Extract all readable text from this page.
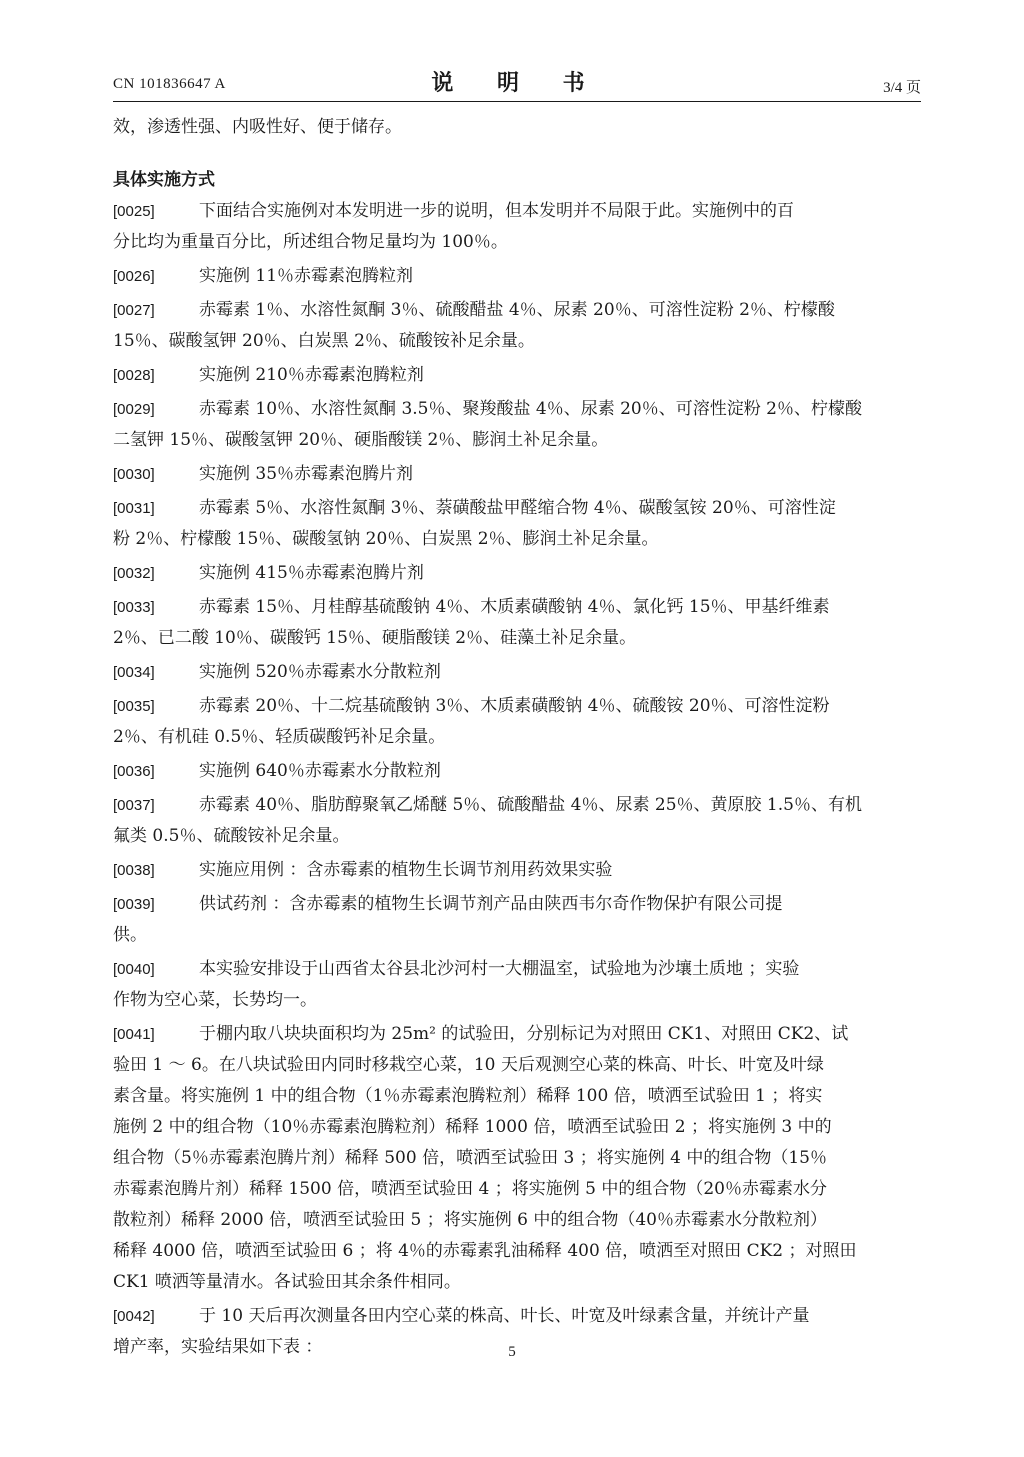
CN 101836647 A	说 明 书	3/4 页

效，渗透性强、内吸性好、便于储存。

具体实施方式

[0025]	下面结合实施例对本发明进一步的说明，但本发明并不局限于此。实施例中的百
分比均为重量百分比，所述组合物足量均为 100％。
[0026]	实施例 11％赤霉素泡腾粒剂
[0027]	赤霉素 1％、水溶性氮酮 3％、硫酸醋盐 4％、尿素 20％、可溶性淀粉 2％、柠檬酸
15％、碳酸氢钾 20％、白炭黑 2％、硫酸铵补足余量。
[0028]	实施例 210％赤霉素泡腾粒剂
[0029]	赤霉素 10％、水溶性氮酮 3.5％、聚羧酸盐 4％、尿素 20％、可溶性淀粉 2％、柠檬酸
二氢钾 15％、碳酸氢钾 20％、硬脂酸镁 2％、膨润土补足余量。
[0030]	实施例 35％赤霉素泡腾片剂
[0031]	赤霉素 5％、水溶性氮酮 3％、萘磺酸盐甲醛缩合物 4％、碳酸氢铵 20％、可溶性淀
粉 2％、柠檬酸 15％、碳酸氢钠 20％、白炭黑 2％、膨润土补足余量。
[0032]	实施例 415％赤霉素泡腾片剂
[0033]	赤霉素 15％、月桂醇基硫酸钠 4％、木质素磺酸钠 4％、氯化钙 15％、甲基纤维素
2％、已二酸 10％、碳酸钙 15％、硬脂酸镁 2％、硅藻土补足余量。
[0034]	实施例 520％赤霉素水分散粒剂
[0035]	赤霉素 20％、十二烷基硫酸钠 3％、木质素磺酸钠 4％、硫酸铵 20％、可溶性淀粉
2％、有机硅 0.5％、轻质碳酸钙补足余量。
[0036]	实施例 640％赤霉素水分散粒剂
[0037]	赤霉素 40％、脂肪醇聚氧乙烯醚 5％、硫酸醋盐 4％、尿素 25％、黄原胶 1.5％、有机
氟类 0.5％、硫酸铵补足余量。
[0038]	实施应用例 ：含赤霉素的植物生长调节剂用药效果实验
[0039]	供试药剂 ：含赤霉素的植物生长调节剂产品由陕西韦尔奇作物保护有限公司提
供。
[0040]	本实验安排设于山西省太谷县北沙河村一大棚温室，试验地为沙壤土质地 ；实验
作物为空心菜，长势均一。
[0041]	于棚内取八块块面积均为 25m² 的试验田，分别标记为对照田 CK1、对照田 CK2、试
验田 1 ～ 6。在八块试验田内同时移栽空心菜，10 天后观测空心菜的株高、叶长、叶宽及叶绿
素含量。将实施例 1 中的组合物（1％赤霉素泡腾粒剂）稀释 100 倍，喷洒至试验田 1 ；将实
施例 2 中的组合物（10％赤霉素泡腾粒剂）稀释 1000 倍，喷洒至试验田 2 ；将实施例 3 中的
组合物（5％赤霉素泡腾片剂）稀释 500 倍，喷洒至试验田 3 ；将实施例 4 中的组合物（15％
赤霉素泡腾片剂）稀释 1500 倍，喷洒至试验田 4 ；将实施例 5 中的组合物（20％赤霉素水分
散粒剂）稀释 2000 倍，喷洒至试验田 5 ；将实施例 6 中的组合物（40％赤霉素水分散粒剂）
稀释 4000 倍，喷洒至试验田 6 ；将 4％的赤霉素乳油稀释 400 倍，喷洒至对照田 CK2 ；对照田
CK1 喷洒等量清水。各试验田其余条件相同。
[0042]	于 10 天后再次测量各田内空心菜的株高、叶长、叶宽及叶绿素含量，并统计产量
增产率，实验结果如下表 ：	5
